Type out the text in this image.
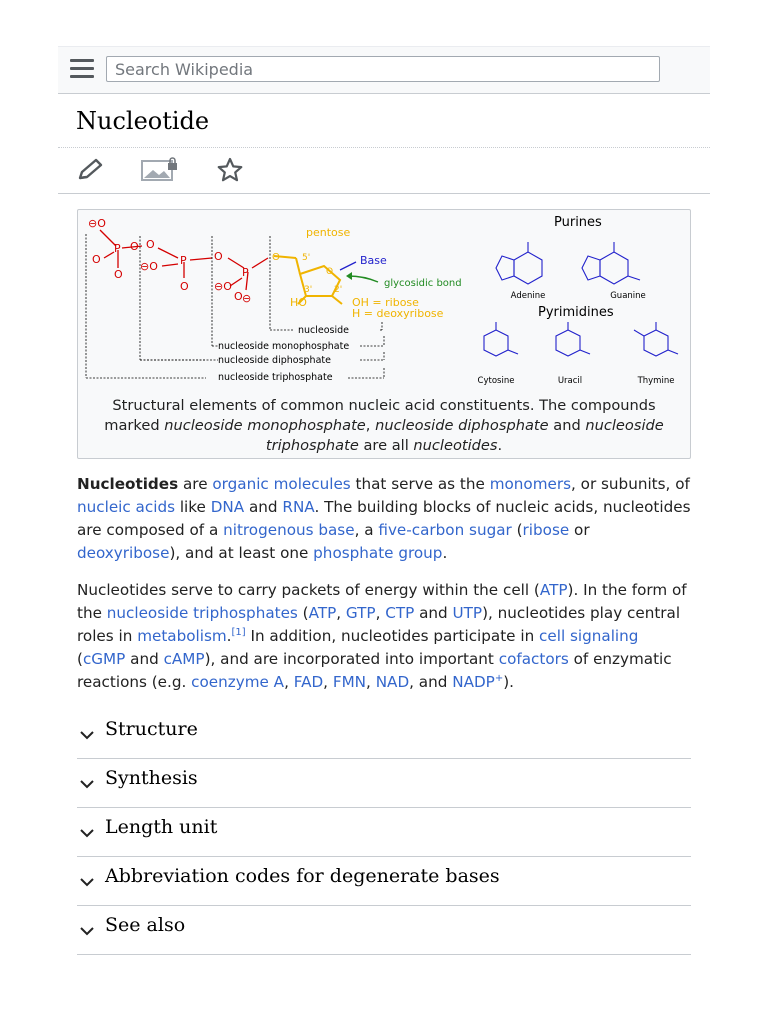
Search Wikipedia
Nucleotide
⊖O
P O O
O
O
⊖O P
O
O
⊖O
P
O ⊖
pentose
O 5'
3' 2'
O
HO	OH = ribose
H = deoxyribose
Base
glycosidic bond
nucleoside
nucleoside monophosphate
nucleoside diphosphate
nucleoside triphosphate
Purines
Adenine	Guanine
Pyrimidines
Cytosine	Uracil	Thymine
Structural elements of common nucleic acid constituents. The compounds marked nucleoside monophosphate, nucleoside diphosphate and nucleoside triphosphate are all nucleotides.

Nucleotides are organic molecules that serve as the monomers, or subunits, of nucleic acids like DNA and RNA. The building blocks of nucleic acids, nucleotides are composed of a nitrogenous base, a five-carbon sugar (ribose or deoxyribose), and at least one phosphate group.

Nucleotides serve to carry packets of energy within the cell (ATP). In the form of the nucleoside triphosphates (ATP, GTP, CTP and UTP), nucleotides play central roles in metabolism.[1] In addition, nucleotides participate in cell signaling (cGMP and cAMP), and are incorporated into important cofactors of enzymatic reactions (e.g. coenzyme A, FAD, FMN, NAD, and NADP+).

Structure
Synthesis
Length unit
Abbreviation codes for degenerate bases
See also
